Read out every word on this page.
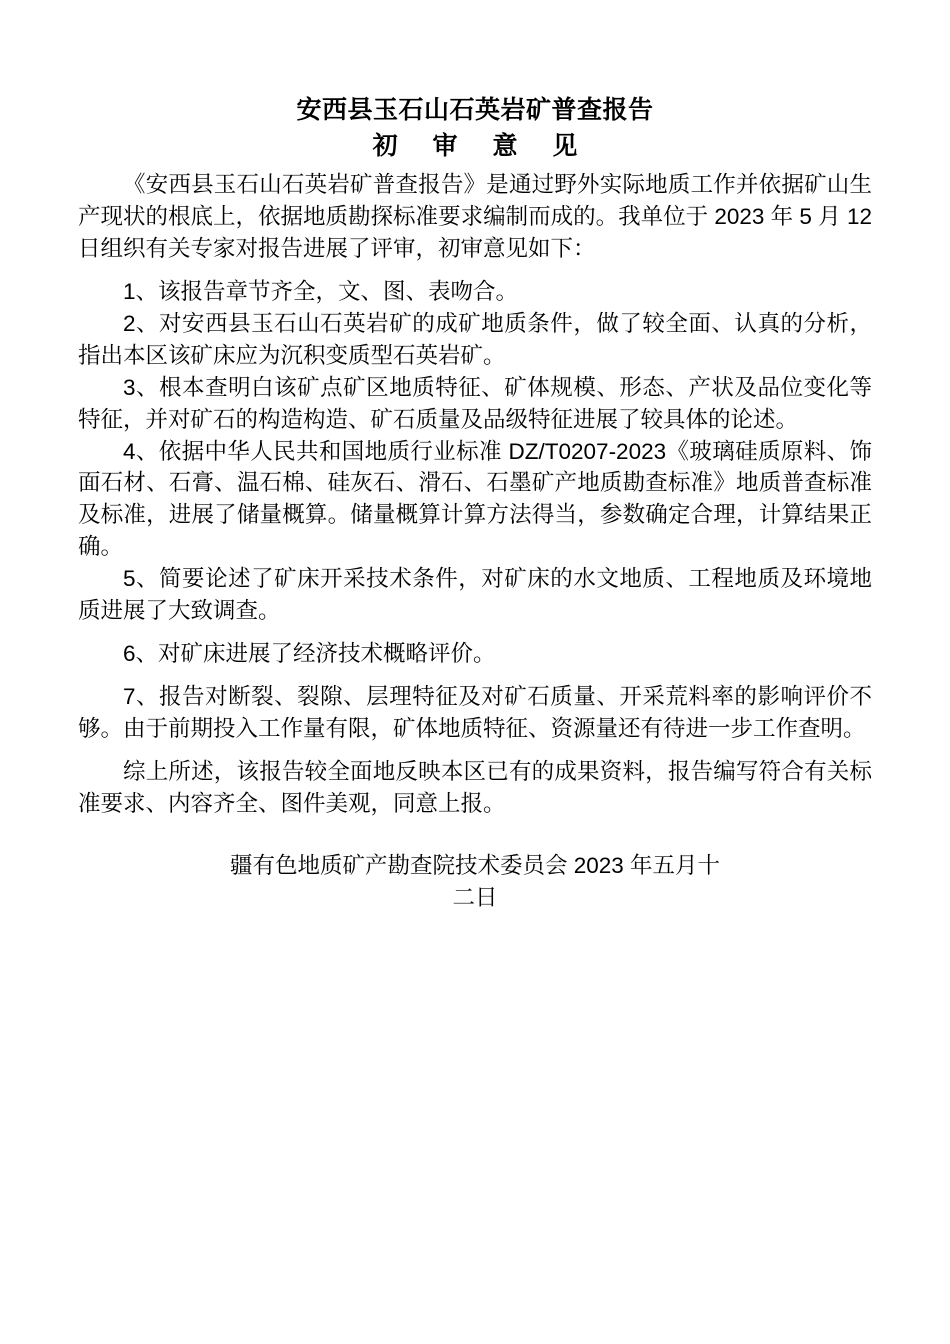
安西县玉石山石英岩矿普查报告
初 审 意 见

《安西县玉石山石英岩矿普查报告》是通过野外实际地质工作并依据矿山生产现状的根底上，依据地质勘探标准要求编制而成的。我单位于 2023 年 5 月 12 日组织有关专家对报告进展了评审，初审意见如下：

1、该报告章节齐全，文、图、表吻合。

2、对安西县玉石山石英岩矿的成矿地质条件，做了较全面、认真的分析，指出本区该矿床应为沉积变质型石英岩矿。

3、根本查明白该矿点矿区地质特征、矿体规模、形态、产状及品位变化等特征，并对矿石的构造构造、矿石质量及品级特征进展了较具体的论述。

4、依据中华人民共和国地质行业标准 DZ/T0207-2023《玻璃硅质原料、饰面石材、石膏、温石棉、硅灰石、滑石、石墨矿产地质勘查标准》地质普查标准及标准，进展了储量概算。储量概算计算方法得当，参数确定合理，计算结果正确。

5、简要论述了矿床开采技术条件，对矿床的水文地质、工程地质及环境地质进展了大致调查。

6、对矿床进展了经济技术概略评价。

7、报告对断裂、裂隙、层理特征及对矿石质量、开采荒料率的影响评价不够。由于前期投入工作量有限，矿体地质特征、资源量还有待进一步工作查明。

综上所述，该报告较全面地反映本区已有的成果资料，报告编写符合有关标准要求、内容齐全、图件美观，同意上报。

疆有色地质矿产勘查院技术委员会 2023 年五月十
二日
